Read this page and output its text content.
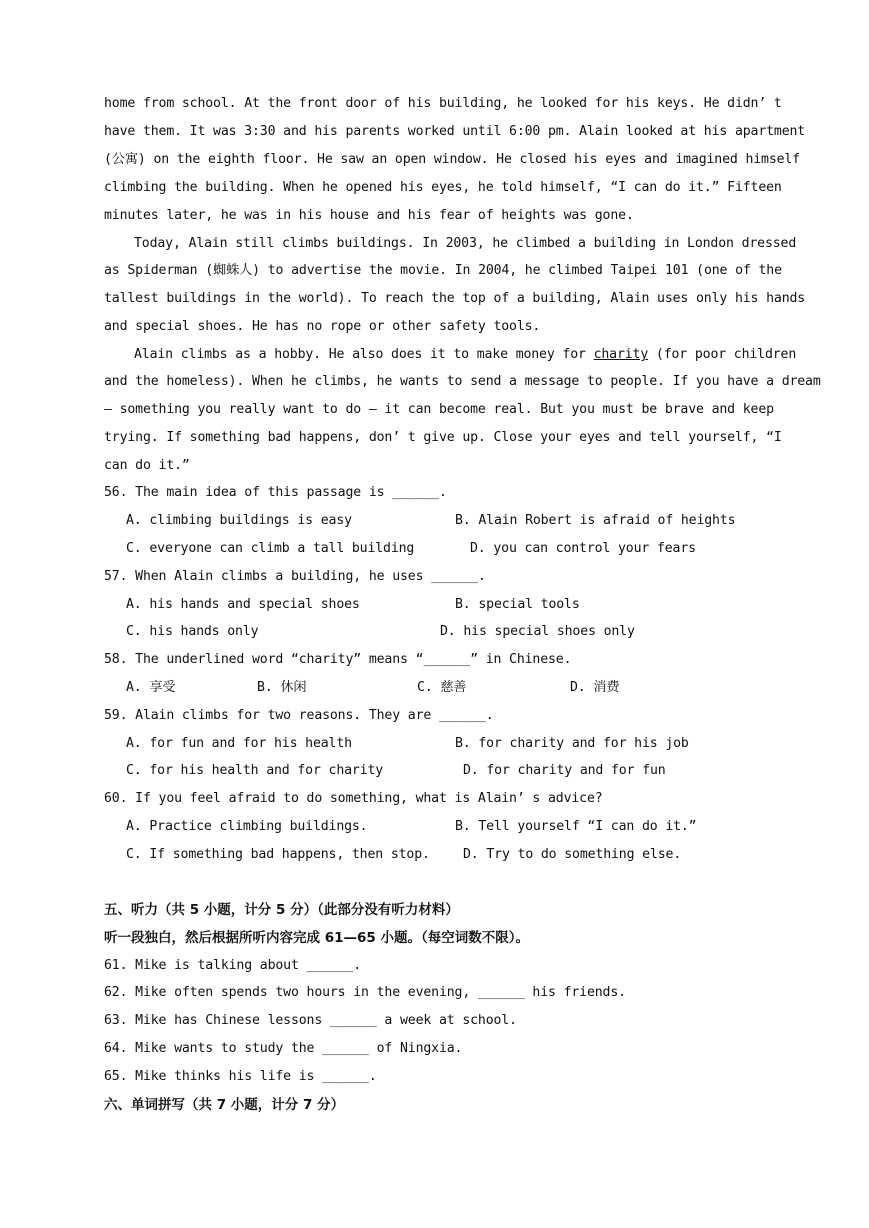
home from school. At the front door of his building, he looked for his keys. He didn’ t
have them. It was 3:30 and his parents worked until 6:00 pm. Alain looked at his apartment
(公寓) on the eighth floor. He saw an open window. He closed his eyes and imagined himself
climbing the building. When he opened his eyes, he told himself, “I can do it.” Fifteen
minutes later, he was in his house and his fear of heights was gone.
Today, Alain still climbs buildings. In 2003, he climbed a building in London dressed
as Spiderman (蜘蛛人) to advertise the movie. In 2004, he climbed Taipei 101 (one of the
tallest buildings in the world). To reach the top of a building, Alain uses only his hands
and special shoes. He has no rope or other safety tools.
Alain climbs as a hobby. He also does it to make money for charity (for poor children
and the homeless). When he climbs, he wants to send a message to people. If you have a dream
— something you really want to do — it can become real. But you must be brave and keep
trying. If something bad happens, don’ t give up. Close your eyes and tell yourself, “I
can do it.”
56. The main idea of this passage is ______.
A. climbing buildings is easy	B. Alain Robert is afraid of heights
C. everyone can climb a tall building	D. you can control your fears
57. When Alain climbs a building, he uses ______.
A. his hands and special shoes	B. special tools
C. his hands only	D. his special shoes only
58. The underlined word “charity” means “______” in Chinese.
A. 享受	B. 休闲	C. 慈善	D. 消费
59. Alain climbs for two reasons. They are ______.
A. for fun and for his health	B. for charity and for his job
C. for his health and for charity	D. for charity and for fun
60. If you feel afraid to do something, what is Alain’ s advice?
A. Practice climbing buildings.	B. Tell yourself “I can do it.”
C. If something bad happens, then stop.	D. Try to do something else.
五、听力（共 5 小题，计分 5 分）（此部分没有听力材料）
听一段独白，然后根据所听内容完成 61—65 小题。（每空词数不限）。
61. Mike is talking about ______.
62. Mike often spends two hours in the evening, ______ his friends.
63. Mike has Chinese lessons ______ a week at school.
64. Mike wants to study the ______ of Ningxia.
65. Mike thinks his life is ______.
六、单词拼写（共 7 小题，计分 7 分）
